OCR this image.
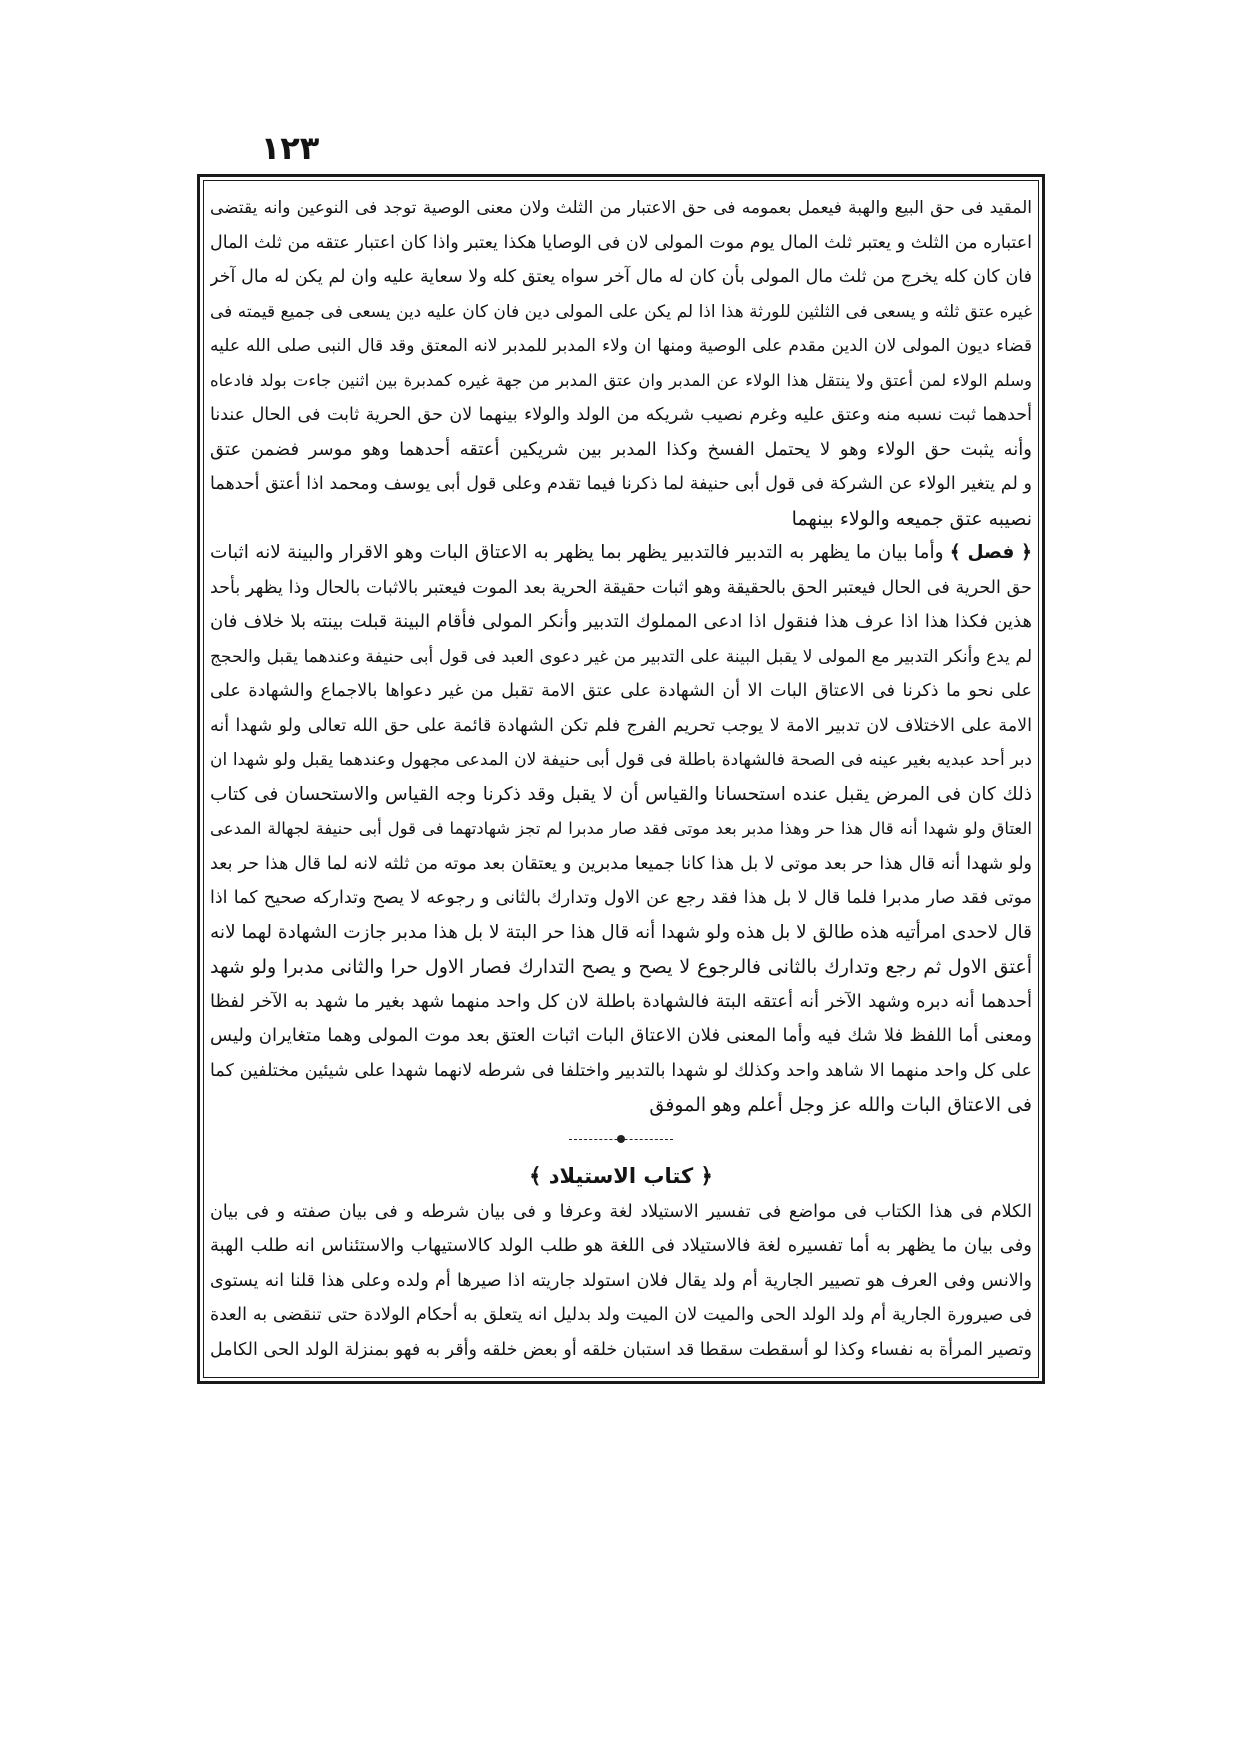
١٢٣
المقيد فى حق البيع والهبة فيعمل بعمومه فى حق الاعتبار من الثلث ولان معنى الوصية توجد فى النوعين وانه يقتضى
اعتباره من الثلث و يعتبر ثلث المال يوم موت المولى لان فى الوصايا هكذا يعتبر واذا كان اعتبار عتقه من ثلث المال
فان كان كله يخرج من ثلث مال المولى بأن كان له مال آخر سواه يعتق كله ولا سعاية عليه وان لم يكن له مال آخر
غيره عتق ثلثه و يسعى فى الثلثين للورثة هذا اذا لم يكن على المولى دين فان كان عليه دين يسعى فى جميع قيمته فى
قضاء ديون المولى لان الدين مقدم على الوصية ومنها ان ولاء المدبر للمدبر لانه المعتق وقد قال النبى صلى الله عليه
وسلم الولاء لمن أعتق ولا ينتقل هذا الولاء عن المدبر وان عتق المدبر من جهة غيره كمدبرة بين اثنين جاءت بولد فادعاه
أحدهما ثبت نسبه منه وعتق عليه وغرم نصيب شريكه من الولد والولاء بينهما لان حق الحرية ثابت فى الحال عندنا
وأنه يثبت حق الولاء وهو لا يحتمل الفسخ وكذا المدبر بين شريكين أعتقه أحدهما وهو موسر فضمن عتق
و لم يتغير الولاء عن الشركة فى قول أبى حنيفة لما ذكرنا فيما تقدم وعلى قول أبى يوسف ومحمد اذا أعتق أحدهما
نصيبه عتق جميعه والولاء بينهما
﴿ فصل ﴾ وأما بيان ما يظهر به التدبير فالتدبير يظهر بما يظهر به الاعتاق البات وهو الاقرار والبينة لانه اثبات
حق الحرية فى الحال فيعتبر الحق بالحقيقة وهو اثبات حقيقة الحرية بعد الموت فيعتبر بالاثبات بالحال وذا يظهر بأحد
هذين فكذا هذا اذا عرف هذا فنقول اذا ادعى المملوك التدبير وأنكر المولى فأقام البينة قبلت بينته بلا خلاف فان
لم يدع وأنكر التدبير مع المولى لا يقبل البينة على التدبير من غير دعوى العبد فى قول أبى حنيفة وعندهما يقبل والحجج
على نحو ما ذكرنا فى الاعتاق البات الا أن الشهادة على عتق الامة تقبل من غير دعواها بالاجماع والشهادة على
الامة على الاختلاف لان تدبير الامة لا يوجب تحريم الفرج فلم تكن الشهادة قائمة على حق الله تعالى ولو شهدا أنه
دبر أحد عبديه بغير عينه فى الصحة فالشهادة باطلة فى قول أبى حنيفة لان المدعى مجهول وعندهما يقبل ولو شهدا ان
ذلك كان فى المرض يقبل عنده استحسانا والقياس أن لا يقبل وقد ذكرنا وجه القياس والاستحسان فى كتاب
العتاق ولو شهدا أنه قال هذا حر وهذا مدبر بعد موتى فقد صار مدبرا لم تجز شهادتهما فى قول أبى حنيفة لجهالة المدعى
ولو شهدا أنه قال هذا حر بعد موتى لا بل هذا كانا جميعا مدبرين و يعتقان بعد موته من ثلثه لانه لما قال هذا حر بعد
موتى فقد صار مدبرا فلما قال لا بل هذا فقد رجع عن الاول وتدارك بالثانى و رجوعه لا يصح وتداركه صحيح كما اذا
قال لاحدى امرأتيه هذه طالق لا بل هذه ولو شهدا أنه قال هذا حر البتة لا بل هذا مدبر جازت الشهادة لهما لانه
أعتق الاول ثم رجع وتدارك بالثانى فالرجوع لا يصح و يصح التدارك فصار الاول حرا والثانى مدبرا ولو شهد
أحدهما أنه دبره وشهد الآخر أنه أعتقه البتة فالشهادة باطلة لان كل واحد منهما شهد بغير ما شهد به الآخر لفظا
ومعنى أما اللفظ فلا شك فيه وأما المعنى فلان الاعتاق البات اثبات العتق بعد موت المولى وهما متغايران وليس
على كل واحد منهما الا شاهد واحد وكذلك لو شهدا بالتدبير واختلفا فى شرطه لانهما شهدا على شيئين مختلفين كما
فى الاعتاق البات والله عز وجل أعلم وهو الموفق
﴿ كتاب الاستيلاد ﴾
الكلام فى هذا الكتاب فى مواضع فى تفسير الاستيلاد لغة وعرفا و فى بيان شرطه و فى بيان صفته و فى بيان
وفى بيان ما يظهر به أما تفسيره لغة فالاستيلاد فى اللغة هو طلب الولد كالاستيهاب والاستئناس انه طلب الهبة
والانس وفى العرف هو تصيير الجارية أم ولد يقال فلان استولد جاريته اذا صيرها أم ولده وعلى هذا قلنا انه يستوى
فى صيرورة الجارية أم ولد الولد الحى والميت لان الميت ولد بدليل انه يتعلق به أحكام الولادة حتى تنقضى به العدة
وتصير المرأة به نفساء وكذا لو أسقطت سقطا قد استبان خلقه أو بعض خلقه وأقر به فهو بمنزلة الولد الحى الكامل
